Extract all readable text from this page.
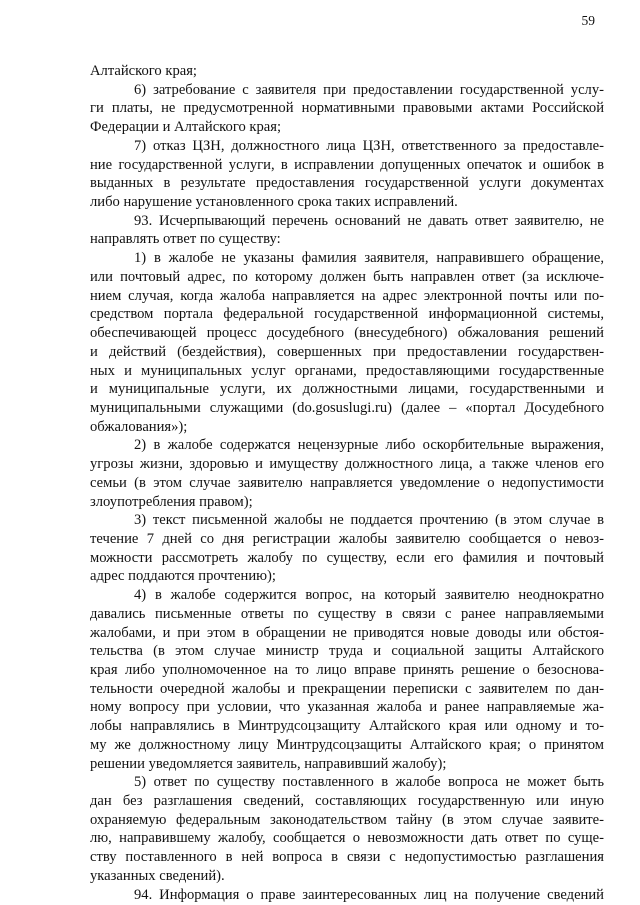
59
Алтайского края;
6) затребование с заявителя при предоставлении государственной услу-
ги платы, не предусмотренной нормативными правовыми актами Российской
Федерации и Алтайского края;
7) отказ ЦЗН, должностного лица ЦЗН, ответственного за предоставле-
ние государственной услуги, в исправлении допущенных опечаток и ошибок в
выданных в результате предоставления государственной услуги документах
либо нарушение установленного срока таких исправлений.
93. Исчерпывающий перечень оснований не давать ответ заявителю, не
направлять ответ по существу:
1) в жалобе не указаны фамилия заявителя, направившего обращение,
или почтовый адрес, по которому должен быть направлен ответ (за исключе-
нием случая, когда жалоба направляется на адрес электронной почты или по-
средством портала федеральной государственной информационной системы,
обеспечивающей процесс досудебного (внесудебного) обжалования решений
и действий (бездействия), совершенных при предоставлении государствен-
ных и муниципальных услуг органами, предоставляющими государственные
и муниципальные услуги, их должностными лицами, государственными и
муниципальными служащими (do.gosuslugi.ru) (далее – «портал Досудебного
обжалования»);
2) в жалобе содержатся нецензурные либо оскорбительные выражения,
угрозы жизни, здоровью и имуществу должностного лица, а также членов его
семьи (в этом случае заявителю направляется уведомление о недопустимости
злоупотребления правом);
3) текст письменной жалобы не поддается прочтению (в этом случае в
течение 7 дней со дня регистрации жалобы заявителю сообщается о невоз-
можности рассмотреть жалобу по существу, если его фамилия и почтовый
адрес поддаются прочтению);
4) в жалобе содержится вопрос, на который заявителю неоднократно
давались письменные ответы по существу в связи с ранее направляемыми
жалобами, и при этом в обращении не приводятся новые доводы или обстоя-
тельства (в этом случае министр труда и социальной защиты Алтайского
края либо уполномоченное на то лицо вправе принять решение о безоснова-
тельности очередной жалобы и прекращении переписки с заявителем по дан-
ному вопросу при условии, что указанная жалоба и ранее направляемые жа-
лобы направлялись в Минтрудсоцзащиту Алтайского края или одному и то-
му же должностному лицу Минтрудсоцзащиты Алтайского края; о принятом
решении уведомляется заявитель, направивший жалобу);
5) ответ по существу поставленного в жалобе вопроса не может быть
дан без разглашения сведений, составляющих государственную или иную
охраняемую федеральным законодательством тайну (в этом случае заявите-
лю, направившему жалобу, сообщается о невозможности дать ответ по суще-
ству поставленного в ней вопроса в связи с недопустимостью разглашения
указанных сведений).
94. Информация о праве заинтересованных лиц на получение сведений
